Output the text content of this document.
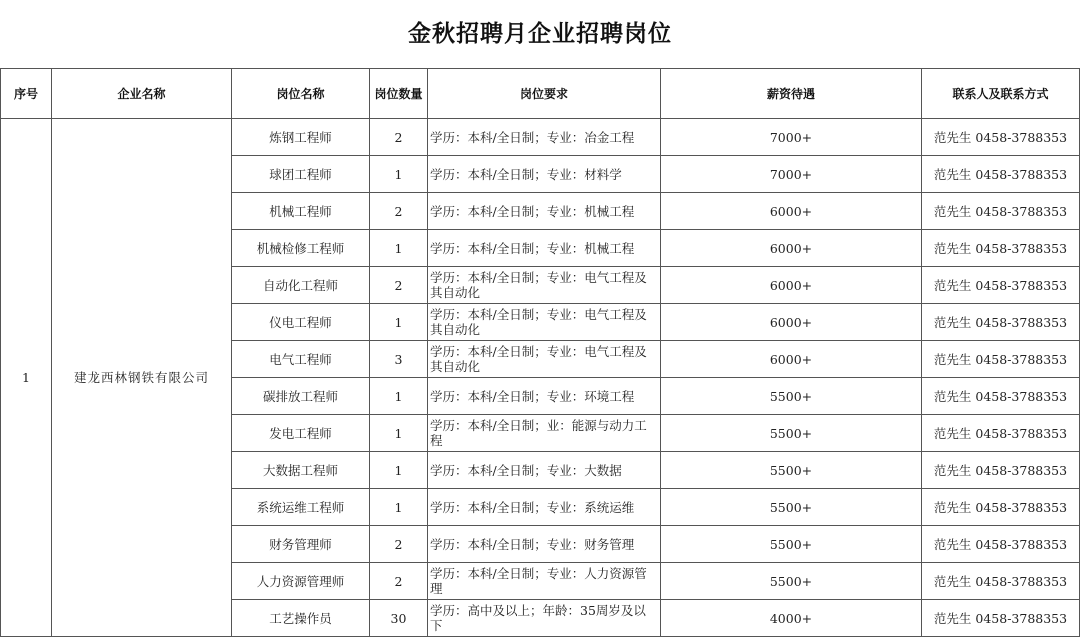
金秋招聘月企业招聘岗位
序号	企业名称	岗位名称	岗位数量	岗位要求	薪资待遇	联系人及联系方式
1	建龙西林钢铁有限公司	炼钢工程师	2	学历：本科/全日制；专业：冶金工程	7000+	范先生 0458-3788353
		球团工程师	1	学历：本科/全日制；专业：材料学	7000+	范先生 0458-3788353
		机械工程师	2	学历：本科/全日制；专业：机械工程	6000+	范先生 0458-3788353
		机械检修工程师	1	学历：本科/全日制；专业：机械工程	6000+	范先生 0458-3788353
		自动化工程师	2	学历：本科/全日制；专业：电气工程及其自动化	6000+	范先生 0458-3788353
		仪电工程师	1	学历：本科/全日制；专业：电气工程及其自动化	6000+	范先生 0458-3788353
		电气工程师	3	学历：本科/全日制；专业：电气工程及其自动化	6000+	范先生 0458-3788353
		碳排放工程师	1	学历：本科/全日制；专业：环境工程	5500+	范先生 0458-3788353
		发电工程师	1	学历：本科/全日制；业：能源与动力工程	5500+	范先生 0458-3788353
		大数据工程师	1	学历：本科/全日制；专业：大数据	5500+	范先生 0458-3788353
		系统运维工程师	1	学历：本科/全日制；专业：系统运维	5500+	范先生 0458-3788353
		财务管理师	2	学历：本科/全日制；专业：财务管理	5500+	范先生 0458-3788353
		人力资源管理师	2	学历：本科/全日制；专业：人力资源管理	5500+	范先生 0458-3788353
		工艺操作员	30	学历：高中及以上；年龄：35周岁及以下	4000+	范先生 0458-3788353
